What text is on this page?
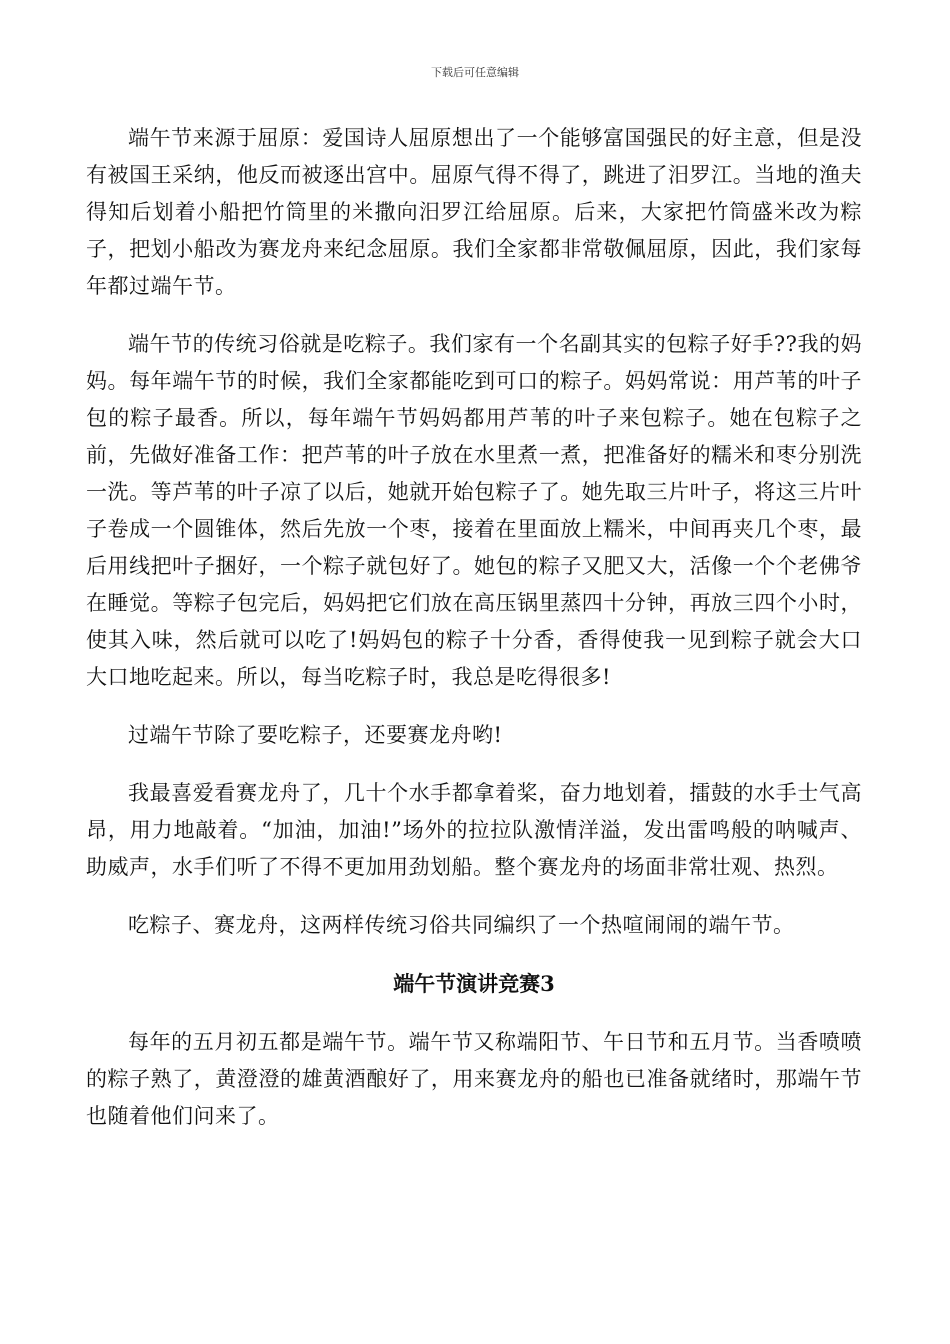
下载后可任意编辑

端午节来源于屈原：爱国诗人屈原想出了一个能够富国强民的好主意，但是没有被国王采纳，他反而被逐出宫中。屈原气得不得了，跳进了汨罗江。当地的渔夫得知后划着小船把竹筒里的米撒向汨罗江给屈原。后来，大家把竹筒盛米改为粽子，把划小船改为赛龙舟来纪念屈原。我们全家都非常敬佩屈原，因此，我们家每年都过端午节。

端午节的传统习俗就是吃粽子。我们家有一个名副其实的包粽子好手??我的妈妈。每年端午节的时候，我们全家都能吃到可口的粽子。妈妈常说：用芦苇的叶子包的粽子最香。所以，每年端午节妈妈都用芦苇的叶子来包粽子。她在包粽子之前，先做好准备工作：把芦苇的叶子放在水里煮一煮，把准备好的糯米和枣分别洗一洗。等芦苇的叶子凉了以后，她就开始包粽子了。她先取三片叶子，将这三片叶子卷成一个圆锥体，然后先放一个枣，接着在里面放上糯米，中间再夹几个枣，最后用线把叶子捆好，一个粽子就包好了。她包的粽子又肥又大，活像一个个老佛爷在睡觉。等粽子包完后，妈妈把它们放在高压锅里蒸四十分钟，再放三四个小时，使其入味，然后就可以吃了!妈妈包的粽子十分香，香得使我一见到粽子就会大口大口地吃起来。所以，每当吃粽子时，我总是吃得很多!

过端午节除了要吃粽子，还要赛龙舟哟!

我最喜爱看赛龙舟了，几十个水手都拿着桨，奋力地划着，擂鼓的水手士气高昂，用力地敲着。“加油，加油!”场外的拉拉队激情洋溢，发出雷鸣般的呐喊声、助威声，水手们听了不得不更加用劲划船。整个赛龙舟的场面非常壮观、热烈。

吃粽子、赛龙舟，这两样传统习俗共同编织了一个热喧闹闹的端午节。

端午节演讲竞赛3

每年的五月初五都是端午节。端午节又称端阳节、午日节和五月节。当香喷喷的粽子熟了，黄澄澄的雄黄酒酿好了，用来赛龙舟的船也已准备就绪时，那端午节也随着他们问来了。
